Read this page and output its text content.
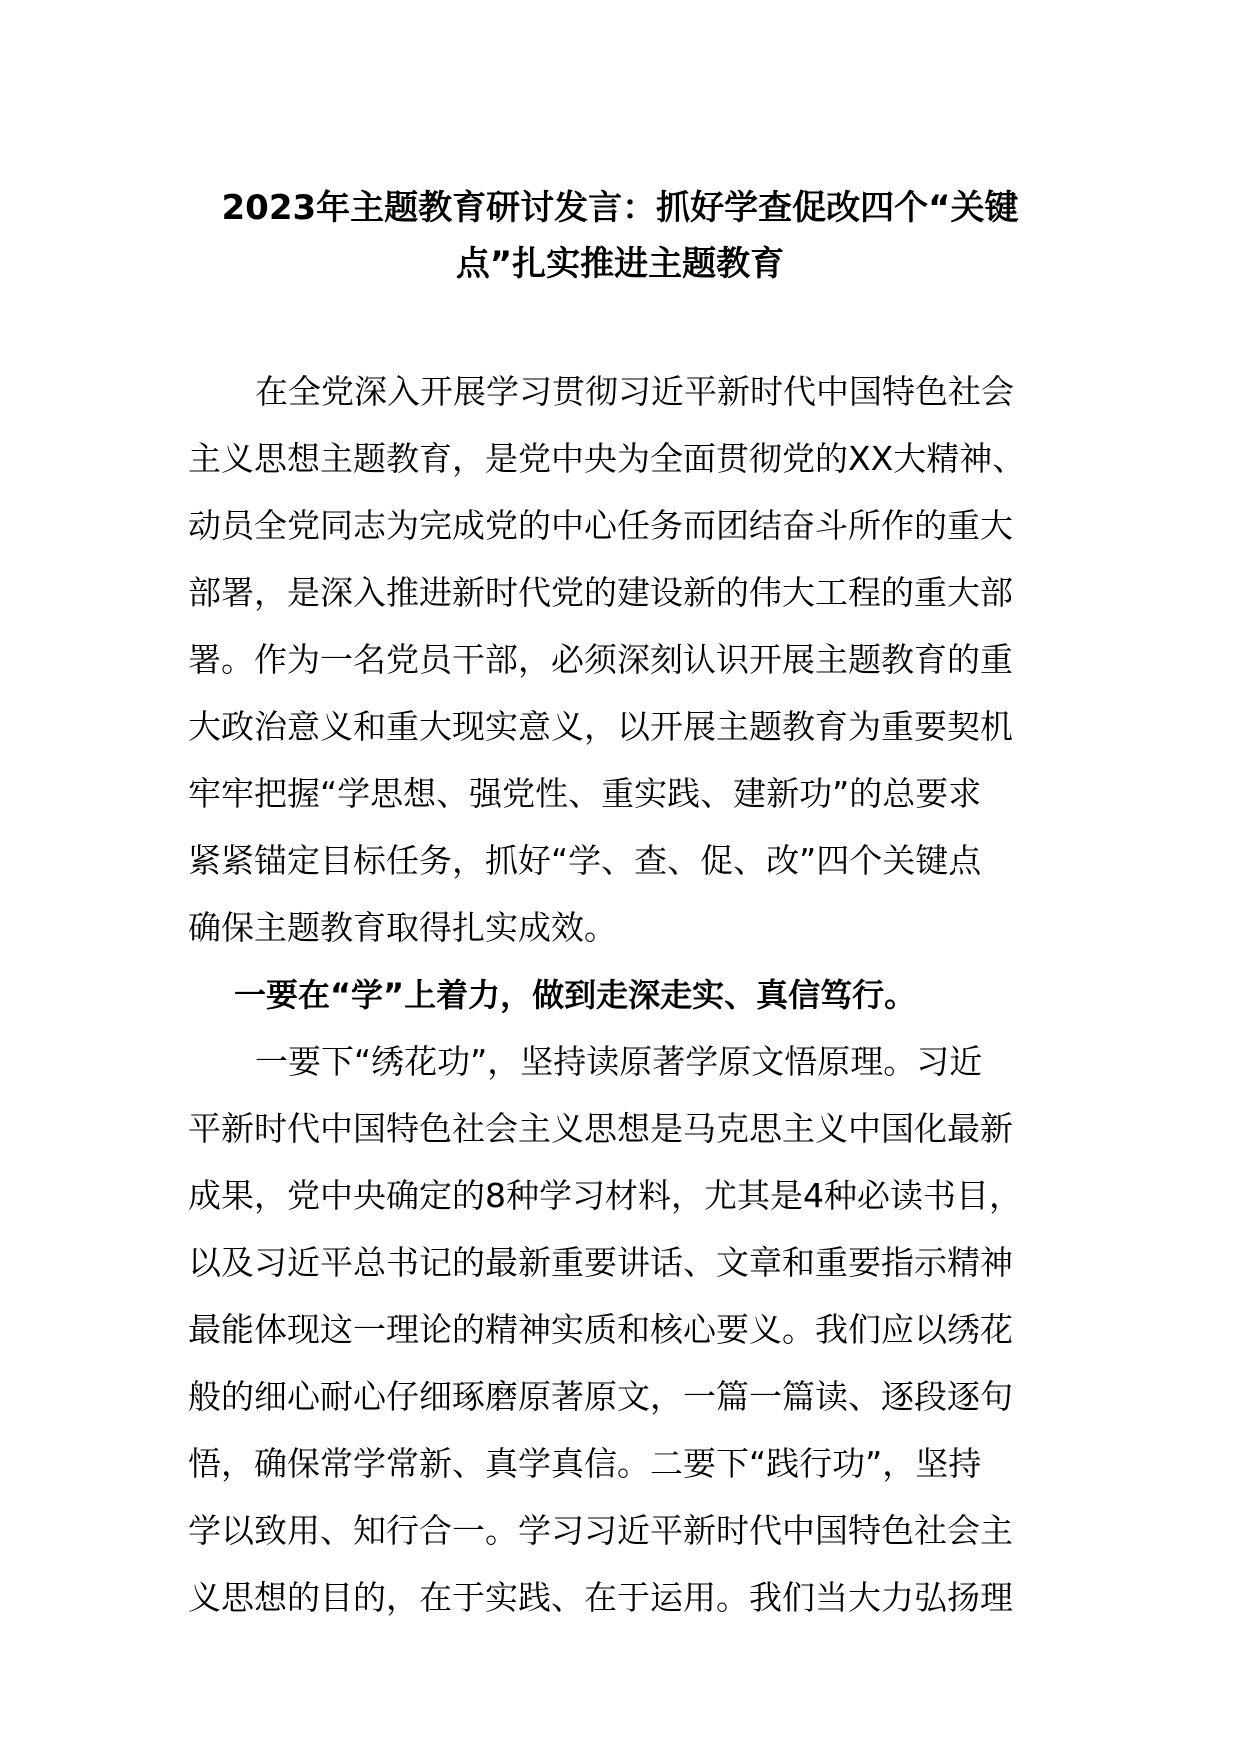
2023年主题教育研讨发言：抓好学查促改四个“关键
点”扎实推进主题教育
在全党深入开展学习贯彻习近平新时代中国特色社会
主义思想主题教育，是党中央为全面贯彻党的XX大精神、
动员全党同志为完成党的中心任务而团结奋斗所作的重大
部署，是深入推进新时代党的建设新的伟大工程的重大部
署。作为一名党员干部，必须深刻认识开展主题教育的重
大政治意义和重大现实意义，以开展主题教育为重要契机
牢牢把握“学思想、强党性、重实践、建新功”的总要求
紧紧锚定目标任务，抓好“学、查、促、改”四个关键点
确保主题教育取得扎实成效。
一要在“学”上着力，做到走深走实、真信笃行。
一要下“绣花功”，坚持读原著学原文悟原理。习近
平新时代中国特色社会主义思想是马克思主义中国化最新
成果，党中央确定的8种学习材料，尤其是4种必读书目，
以及习近平总书记的最新重要讲话、文章和重要指示精神
最能体现这一理论的精神实质和核心要义。我们应以绣花
般的细心耐心仔细琢磨原著原文，一篇一篇读、逐段逐句
悟，确保常学常新、真学真信。二要下“践行功”，坚持
学以致用、知行合一。学习习近平新时代中国特色社会主
义思想的目的，在于实践、在于运用。我们当大力弘扬理
